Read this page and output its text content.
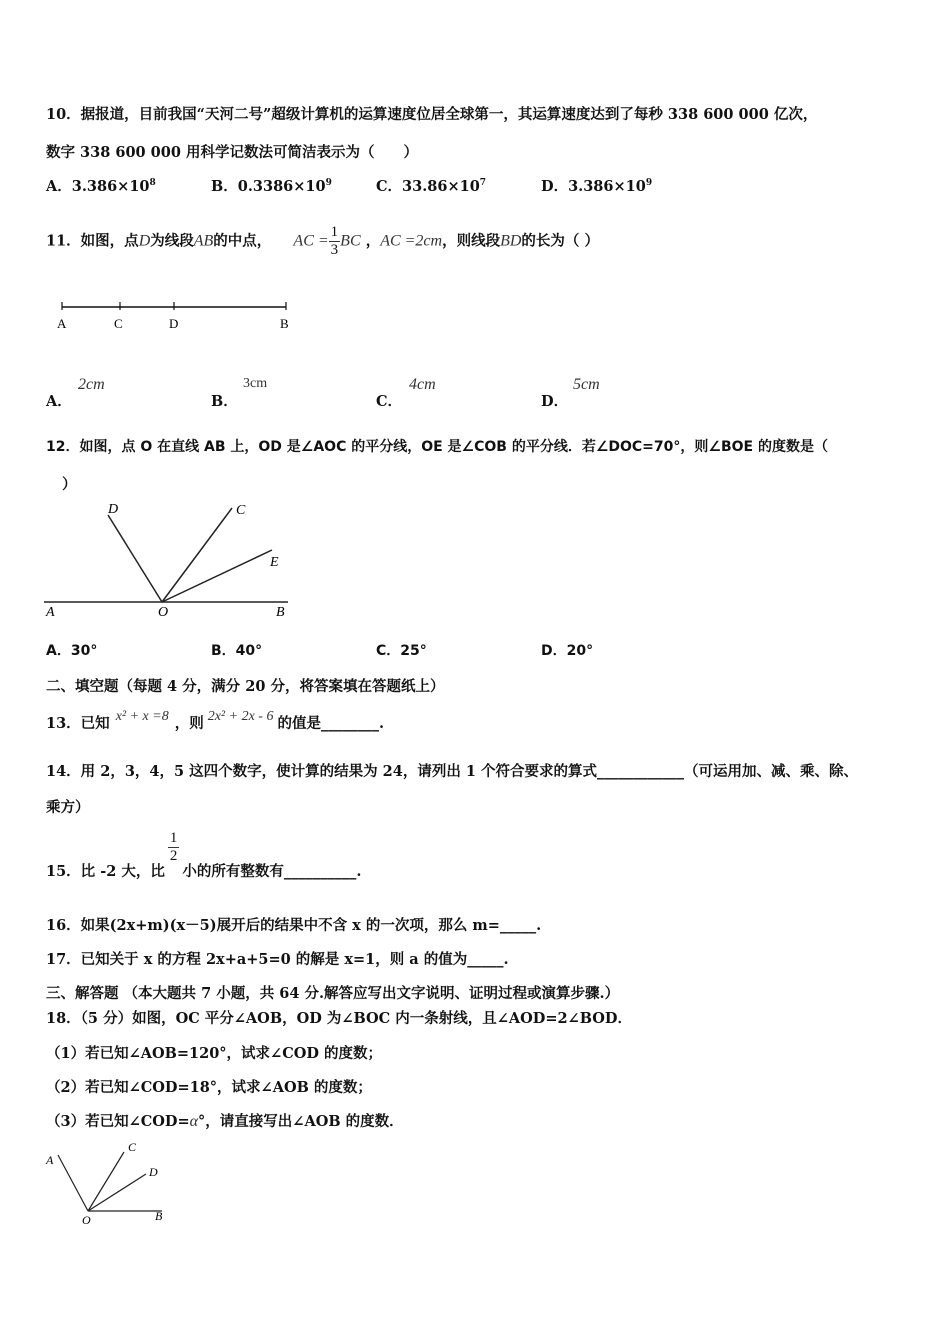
10．据报道，目前我国“天河二号”超级计算机的运算速度位居全球第一，其运算速度达到了每秒 338 600 000 亿次，
数字 338 600 000 用科学记数法可简洁表示为（　　）
A．$3.386\times 10^8$	B．$0.3386\times 10^9$	C．$33.86\times 10^7$	D．$3.386\times 10^9$
11．如图，点D为线段AB的中点， AC = $\frac{1}{3}$ BC ，AC =2cm，则线段BD的长为（ ）
A	C	D	B
A．
2cm
B．
3cm
C．
4cm
D．
5cm
12．如图，点 O 在直线 AB 上，OD 是∠AOC 的平分线，OE 是∠COB 的平分线．若∠DOC=70°，则∠BOE 的度数是（
）
D	C
E
A	O	B
A．30°	B．40°	C．25°	D．20°
二、填空题（每题 4 分，满分 20 分，将答案填在答题纸上）
13．已知 x² + x =8 ，则 2x² + 2x - 6 的值是________.
14．用 2，3，4，5 这四个数字，使计算的结果为 24，请列出 1 个符合要求的算式____________（可运用加、减、乘、除、
乘方）
15．比 -2 大，比
$\frac{1}{2}$
小的所有整数有__________.
16．如果(2x+m)(x－5)展开后的结果中不含 x 的一次项，那么 m=_____.
17．已知关于 x 的方程 2x+a+5=0 的解是 x=1，则 a 的值为_____.
三、解答题 （本大题共 7 小题，共 64 分.解答应写出文字说明、证明过程或演算步骤.）
18．（5 分）如图，OC 平分∠AOB，OD 为∠BOC 内一条射线，且∠AOD=2∠BOD．
（1）若已知∠AOB=120°，试求∠COD 的度数；
（2）若已知∠COD=18°，试求∠AOB 的度数；
（3）若已知∠COD=α°，请直接写出∠AOB 的度数．
A
C
D
O	B
